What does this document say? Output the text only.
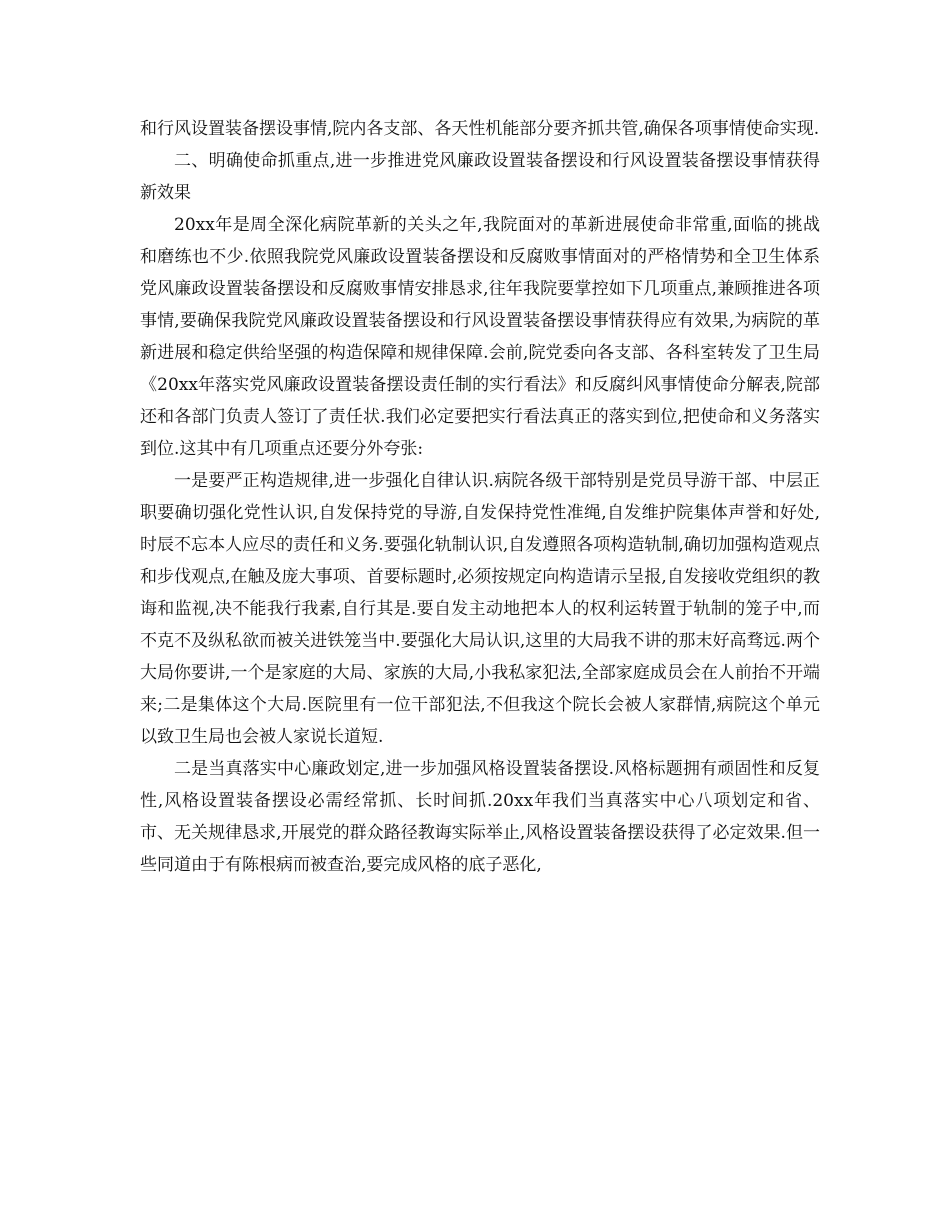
和行风设置装备摆设事情,院内各支部、各天性机能部分要齐抓共管,确保各项事情使命实现.

二、明确使命抓重点,进一步推进党风廉政设置装备摆设和行风设置装备摆设事情获得新效果

20xx年是周全深化病院革新的关头之年,我院面对的革新进展使命非常重,面临的挑战和磨练也不少.依照我院党风廉政设置装备摆设和反腐败事情面对的严格情势和全卫生体系党风廉政设置装备摆设和反腐败事情安排恳求,往年我院要掌控如下几项重点,兼顾推进各项事情,要确保我院党风廉政设置装备摆设和行风设置装备摆设事情获得应有效果,为病院的革新进展和稳定供给坚强的构造保障和规律保障.会前,院党委向各支部、各科室转发了卫生局《20xx年落实党风廉政设置装备摆设责任制的实行看法》和反腐纠风事情使命分解表,院部还和各部门负责人签订了责任状.我们必定要把实行看法真正的落实到位,把使命和义务落实到位.这其中有几项重点还要分外夸张:

一是要严正构造规律,进一步强化自律认识.病院各级干部特别是党员导游干部、中层正职要确切强化党性认识,自发保持党的导游,自发保持党性准绳,自发维护院集体声誉和好处,时辰不忘本人应尽的责任和义务.要强化轨制认识,自发遵照各项构造轨制,确切加强构造观点和步伐观点,在触及庞大事项、首要标题时,必须按规定向构造请示呈报,自发接收党组织的教诲和监视,决不能我行我素,自行其是.要自发主动地把本人的权利运转置于轨制的笼子中,而不克不及纵私欲而被关进铁笼当中.要强化大局认识,这里的大局我不讲的那末好高骛远.两个大局你要讲,一个是家庭的大局、家族的大局,小我私家犯法,全部家庭成员会在人前抬不开端来;二是集体这个大局.医院里有一位干部犯法,不但我这个院长会被人家群情,病院这个单元以致卫生局也会被人家说长道短.

二是当真落实中心廉政划定,进一步加强风格设置装备摆设.风格标题拥有顽固性和反复性,风格设置装备摆设必需经常抓、长时间抓.20xx年我们当真落实中心八项划定和省、市、无关规律恳求,开展党的群众路径教诲实际举止,风格设置装备摆设获得了必定效果.但一些同道由于有陈根病而被查治,要完成风格的底子恶化,
